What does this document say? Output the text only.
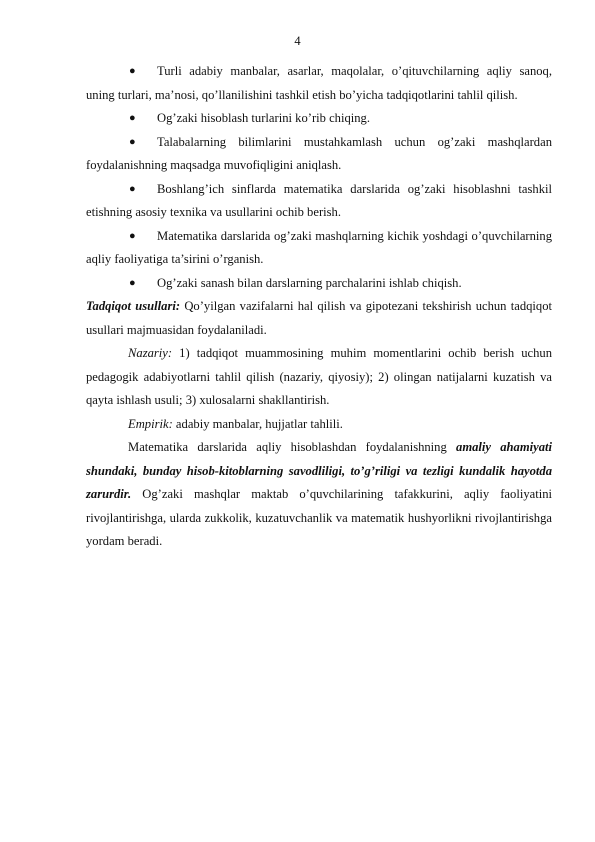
4

● Turli adabiy manbalar, asarlar, maqolalar, o’qituvchilarning aqliy sanoq, uning turlari, ma’nosi, qo’llanilishini tashkil etish bo’yicha tadqiqotlarini tahlil qilish.

● Og’zaki hisoblash turlarini ko’rib chiqing.

● Talabalarning bilimlarini mustahkamlash uchun og’zaki mashqlardan foydalanishning maqsadga muvofiqligini aniqlash.

● Boshlang’ich sinflarda matematika darslarida og’zaki hisoblashni tashkil etishning asosiy texnika va usullarini ochib berish.

● Matematika darslarida og’zaki mashqlarning kichik yoshdagi o’quvchilarning aqliy faoliyatiga ta’sirini o’rganish.

● Og’zaki sanash bilan darslarning parchalarini ishlab chiqish.

Tadqiqot usullari: Qo’yilgan vazifalarni hal qilish va gipotezani tekshirish uchun tadqiqot usullari majmuasidan foydalaniladi.

Nazariy: 1) tadqiqot muammosining muhim momentlarini ochib berish uchun pedagogik adabiyotlarni tahlil qilish (nazariy, qiyosiy); 2) olingan natijalarni kuzatish va qayta ishlash usuli; 3) xulosalarni shakllantirish.

Empirik: adabiy manbalar, hujjatlar tahlili.

Matematika darslarida aqliy hisoblashdan foydalanishning amaliy ahamiyati shundaki, bunday hisob-kitoblarning savodliligi, to’g’riligi va tezligi kundalik hayotda zarurdir. Og’zaki mashqlar maktab o’quvchilarining tafakkurini, aqliy faoliyatini rivojlantirishga, ularda zukkolik, kuzatuvchanlik va matematik hushyorlikni rivojlantirishga yordam beradi.
